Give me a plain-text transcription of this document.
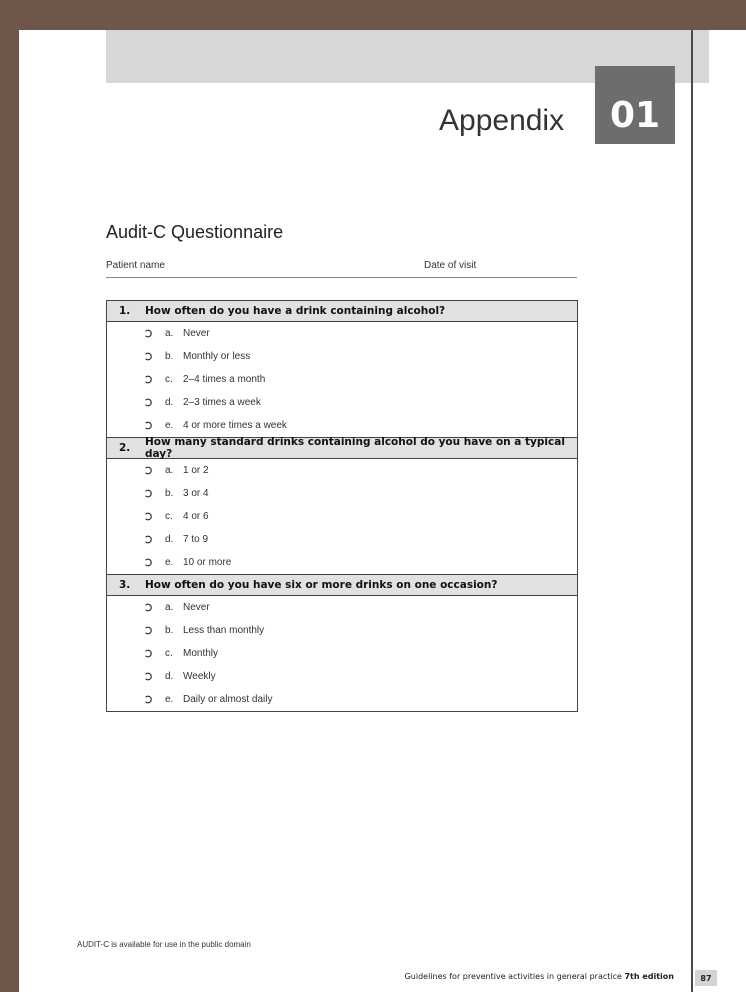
Appendix 01
Audit-C Questionnaire
Patient name	Date of visit
1.	How often do you have a drink containing alcohol?
a. Never
b. Monthly or less
c.	2–4 times a month
d. 2–3 times a week
e. 4 or more times a week
2.	How many standard drinks containing alcohol do you have on a typical day?
a. 1 or 2
b. 3 or 4
c.	4 or 6
d. 7 to 9
e. 10 or more
3.	How often do you have six or more drinks on one occasion?
a. Never
b. Less than monthly
c.	Monthly
d. Weekly
e. Daily or almost daily
AUDIT-C is available for use in the public domain
Guidelines for preventive activities in general practice 7th edition	87
